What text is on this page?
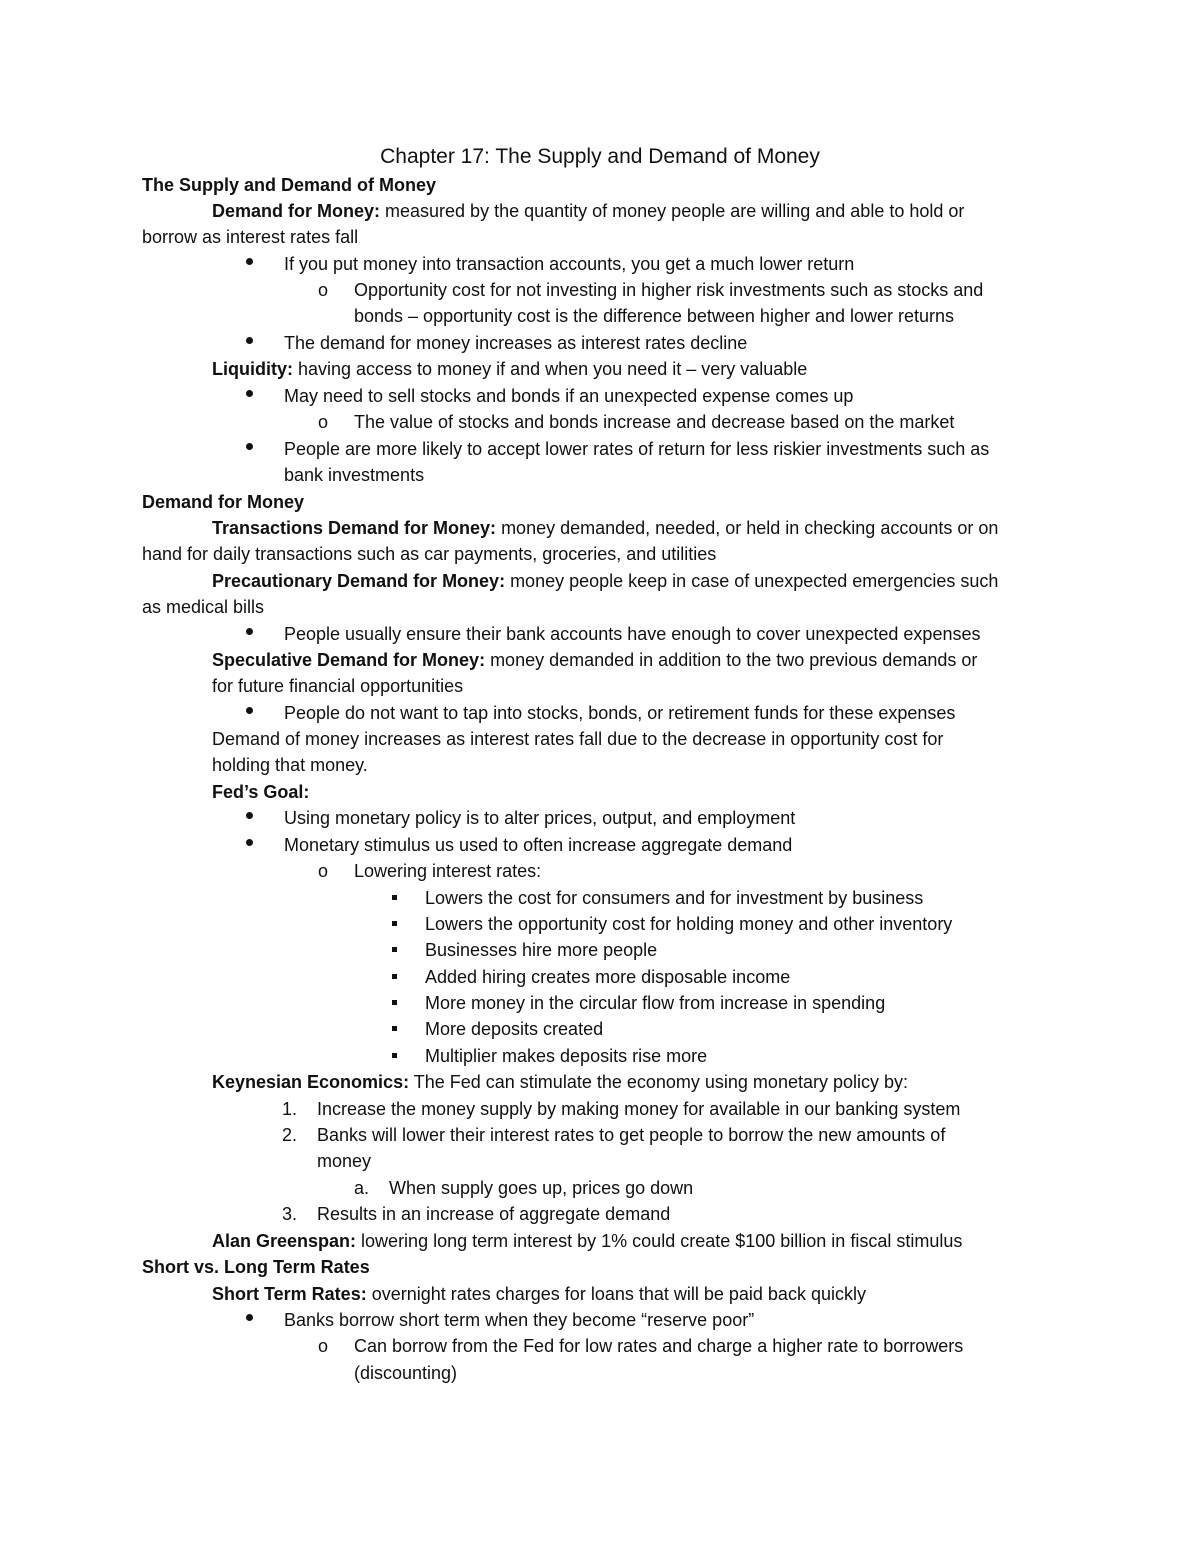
Chapter 17: The Supply and Demand of Money
The Supply and Demand of Money
Demand for Money: measured by the quantity of money people are willing and able to hold or
borrow as interest rates fall
If you put money into transaction accounts, you get a much lower return
o Opportunity cost for not investing in higher risk investments such as stocks and
bonds – opportunity cost is the difference between higher and lower returns
The demand for money increases as interest rates decline
Liquidity: having access to money if and when you need it – very valuable
May need to sell stocks and bonds if an unexpected expense comes up
o The value of stocks and bonds increase and decrease based on the market
People are more likely to accept lower rates of return for less riskier investments such as
bank investments
Demand for Money
Transactions Demand for Money: money demanded, needed, or held in checking accounts or on
hand for daily transactions such as car payments, groceries, and utilities
Precautionary Demand for Money: money people keep in case of unexpected emergencies such
as medical bills
People usually ensure their bank accounts have enough to cover unexpected expenses
Speculative Demand for Money: money demanded in addition to the two previous demands or
for future financial opportunities
People do not want to tap into stocks, bonds, or retirement funds for these expenses
Demand of money increases as interest rates fall due to the decrease in opportunity cost for
holding that money.
Fed’s Goal:
Using monetary policy is to alter prices, output, and employment
Monetary stimulus us used to often increase aggregate demand
o Lowering interest rates:
Lowers the cost for consumers and for investment by business
Lowers the opportunity cost for holding money and other inventory
Businesses hire more people
Added hiring creates more disposable income
More money in the circular flow from increase in spending
More deposits created
Multiplier makes deposits rise more
Keynesian Economics: The Fed can stimulate the economy using monetary policy by:
1. Increase the money supply by making money for available in our banking system
2. Banks will lower their interest rates to get people to borrow the new amounts of
money
a. When supply goes up, prices go down
3. Results in an increase of aggregate demand
Alan Greenspan: lowering long term interest by 1% could create $100 billion in fiscal stimulus
Short vs. Long Term Rates
Short Term Rates: overnight rates charges for loans that will be paid back quickly
Banks borrow short term when they become “reserve poor”
o Can borrow from the Fed for low rates and charge a higher rate to borrowers
(discounting)
